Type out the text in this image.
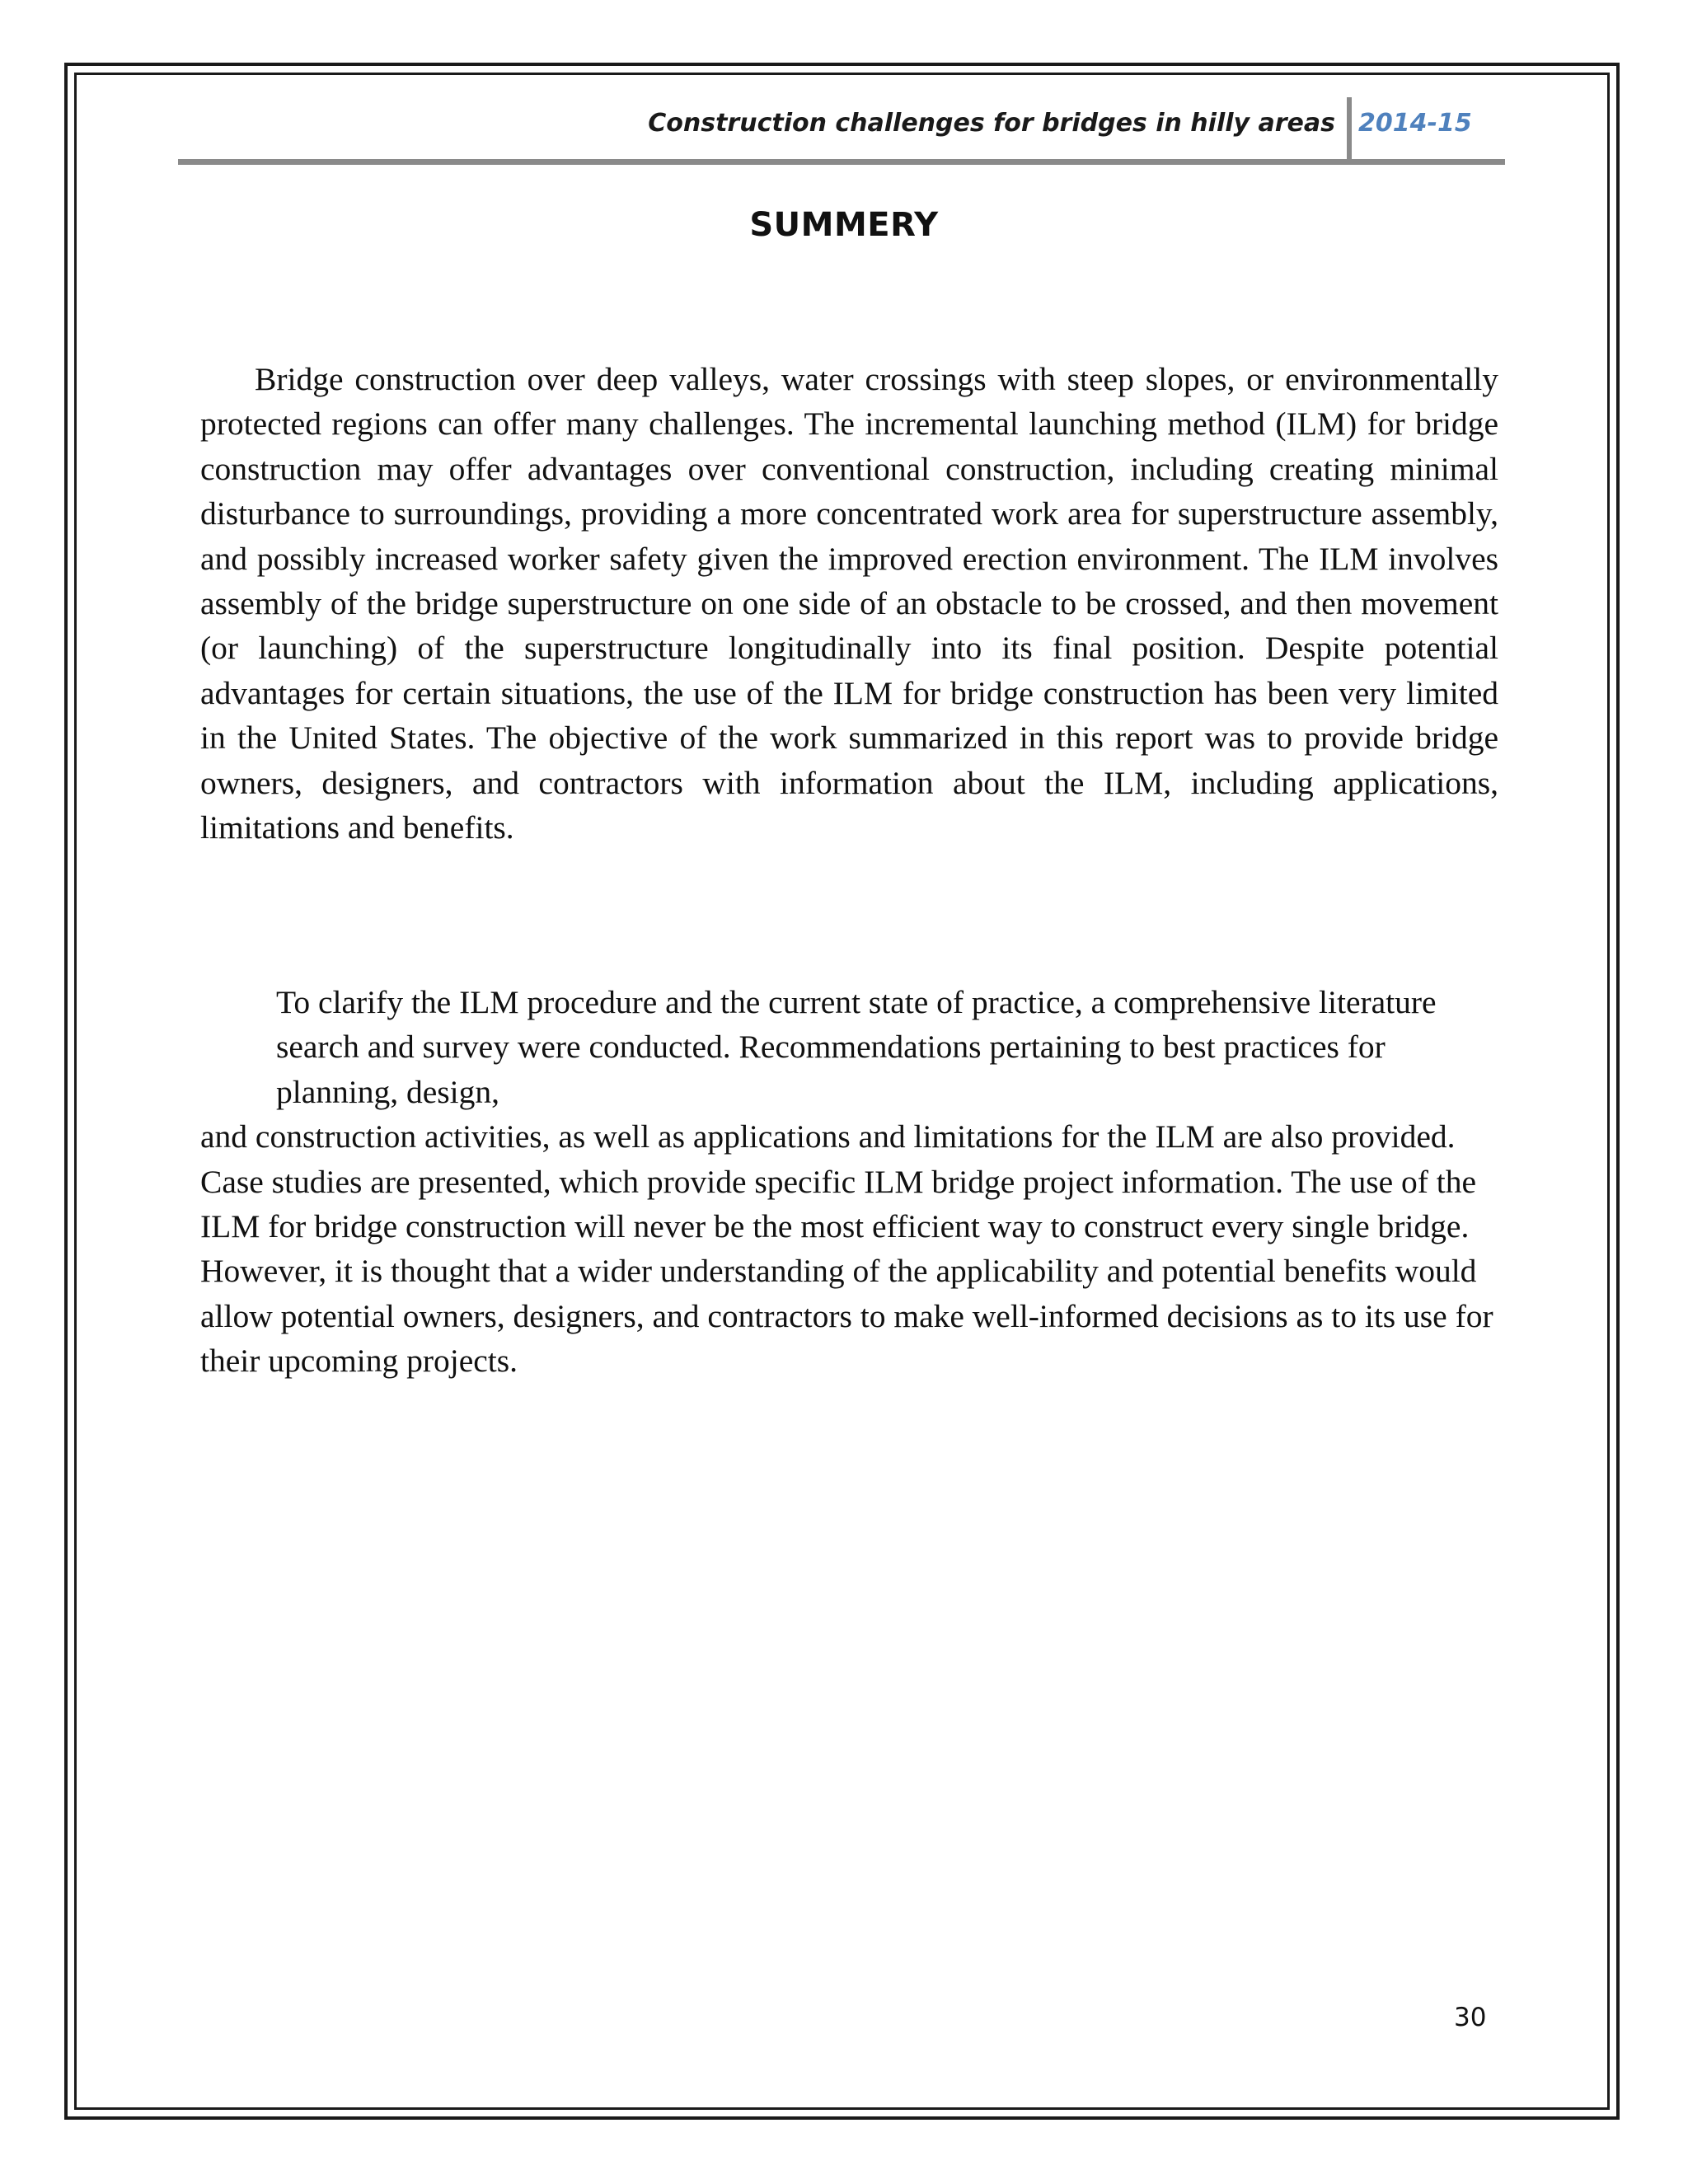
Construction challenges for bridges in hilly areas 2014-15
SUMMERY

Bridge construction over deep valleys, water crossings with steep slopes, or environmentally protected regions can offer many challenges. The incremental launching method (ILM) for bridge construction may offer advantages over conventional construction, including creating minimal disturbance to surroundings, providing a more concentrated work area for superstructure assembly, and possibly increased worker safety given the improved erection environment. The ILM involves assembly of the bridge superstructure on one side of an obstacle to be crossed, and then movement (or launching) of the superstructure longitudinally into its final position. Despite potential advantages for certain situations, the use of the ILM for bridge construction has been very limited in the United States. The objective of the work summarized in this report was to provide bridge owners, designers, and contractors with information about the ILM, including applications, limitations and benefits.

To clarify the ILM procedure and the current state of practice, a comprehensive literature search and survey were conducted. Recommendations pertaining to best practices for planning, design,
and construction activities, as well as applications and limitations for the ILM are also provided. Case studies are presented, which provide specific ILM bridge project information. The use of the ILM for bridge construction will never be the most efficient way to construct every single bridge. However, it is thought that a wider understanding of the applicability and potential benefits would allow potential owners, designers, and contractors to make well-informed decisions as to its use for their upcoming projects.

30
